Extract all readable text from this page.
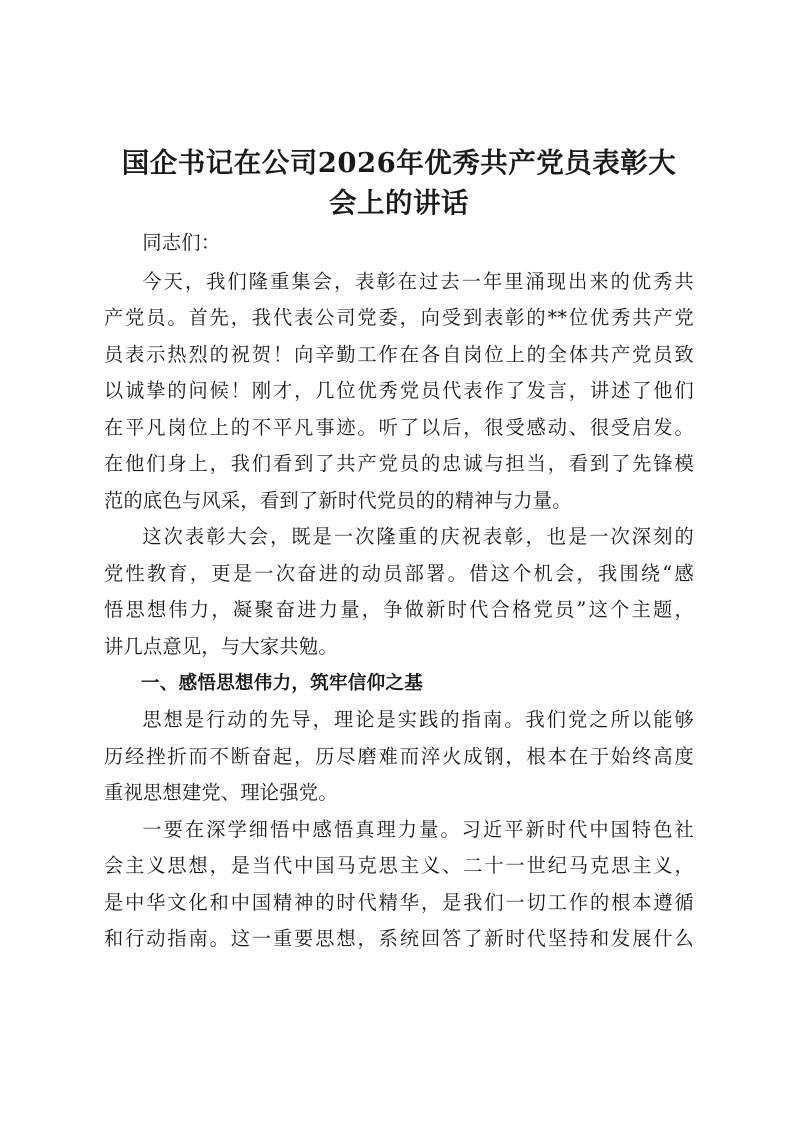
国企书记在公司2026年优秀共产党员表彰大
会上的讲话

同志们：

今天，我们隆重集会，表彰在过去一年里涌现出来的优秀共
产党员。首先，我代表公司党委，向受到表彰的**位优秀共产党
员表示热烈的祝贺！向辛勤工作在各自岗位上的全体共产党员致
以诚挚的问候！刚才，几位优秀党员代表作了发言，讲述了他们
在平凡岗位上的不平凡事迹。听了以后，很受感动、很受启发。
在他们身上，我们看到了共产党员的忠诚与担当，看到了先锋模
范的底色与风采，看到了新时代党员的的精神与力量。

这次表彰大会，既是一次隆重的庆祝表彰，也是一次深刻的
党性教育，更是一次奋进的动员部署。借这个机会，我围绕“感
悟思想伟力，凝聚奋进力量，争做新时代合格党员”这个主题，
讲几点意见，与大家共勉。

一、感悟思想伟力，筑牢信仰之基

思想是行动的先导，理论是实践的指南。我们党之所以能够
历经挫折而不断奋起，历尽磨难而淬火成钢，根本在于始终高度
重视思想建党、理论强党。

一要在深学细悟中感悟真理力量。习近平新时代中国特色社
会主义思想，是当代中国马克思主义、二十一世纪马克思主义，
是中华文化和中国精神的时代精华，是我们一切工作的根本遵循
和行动指南。这一重要思想，系统回答了新时代坚持和发展什么
